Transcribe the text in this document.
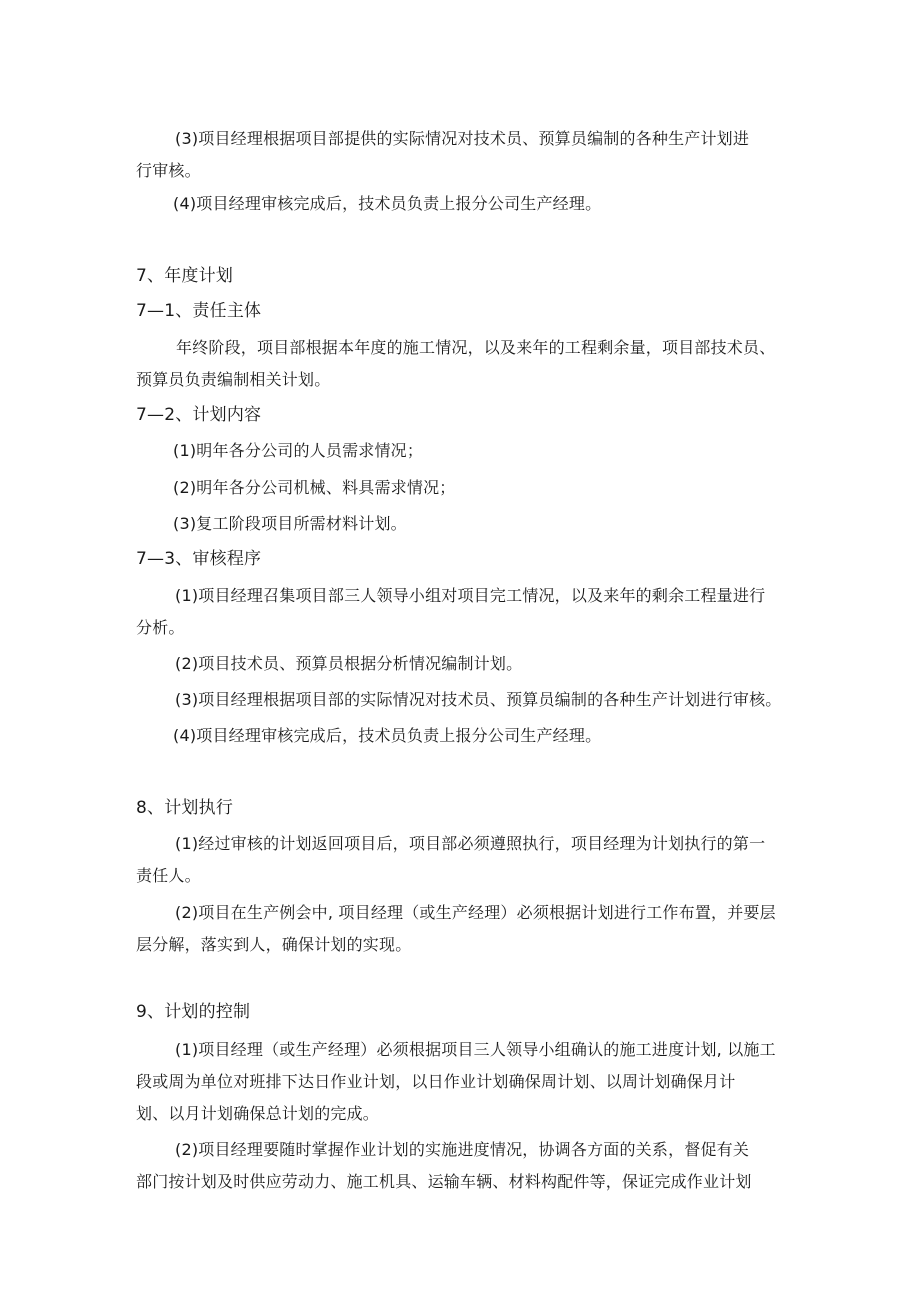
(3)项目经理根据项目部提供的实际情况对技术员、预算员编制的各种生产计划进
行审核。
(4)项目经理审核完成后，技术员负责上报分公司生产经理。
7、年度计划
7—1、责任主体
年终阶段，项目部根据本年度的施工情况，以及来年的工程剩余量，项目部技术员、
预算员负责编制相关计划。
7—2、计划内容
(1)明年各分公司的人员需求情况；
(2)明年各分公司机械、料具需求情况；
(3)复工阶段项目所需材料计划。
7—3、审核程序
(1)项目经理召集项目部三人领导小组对项目完工情况，以及来年的剩余工程量进行
分析。
(2)项目技术员、预算员根据分析情况编制计划。
(3)项目经理根据项目部的实际情况对技术员、预算员编制的各种生产计划进行审核。
(4)项目经理审核完成后，技术员负责上报分公司生产经理。
8、计划执行
(1)经过审核的计划返回项目后，项目部必须遵照执行，项目经理为计划执行的第一
责任人。
(2)项目在生产例会中, 项目经理（或生产经理）必须根据计划进行工作布置，并要层
层分解，落实到人，确保计划的实现。
9、计划的控制
(1)项目经理（或生产经理）必须根据项目三人领导小组确认的施工进度计划, 以施工
段或周为单位对班排下达日作业计划，以日作业计划确保周计划、以周计划确保月计
划、以月计划确保总计划的完成。
(2)项目经理要随时掌握作业计划的实施进度情况，协调各方面的关系，督促有关
部门按计划及时供应劳动力、施工机具、运输车辆、材料构配件等，保证完成作业计划
